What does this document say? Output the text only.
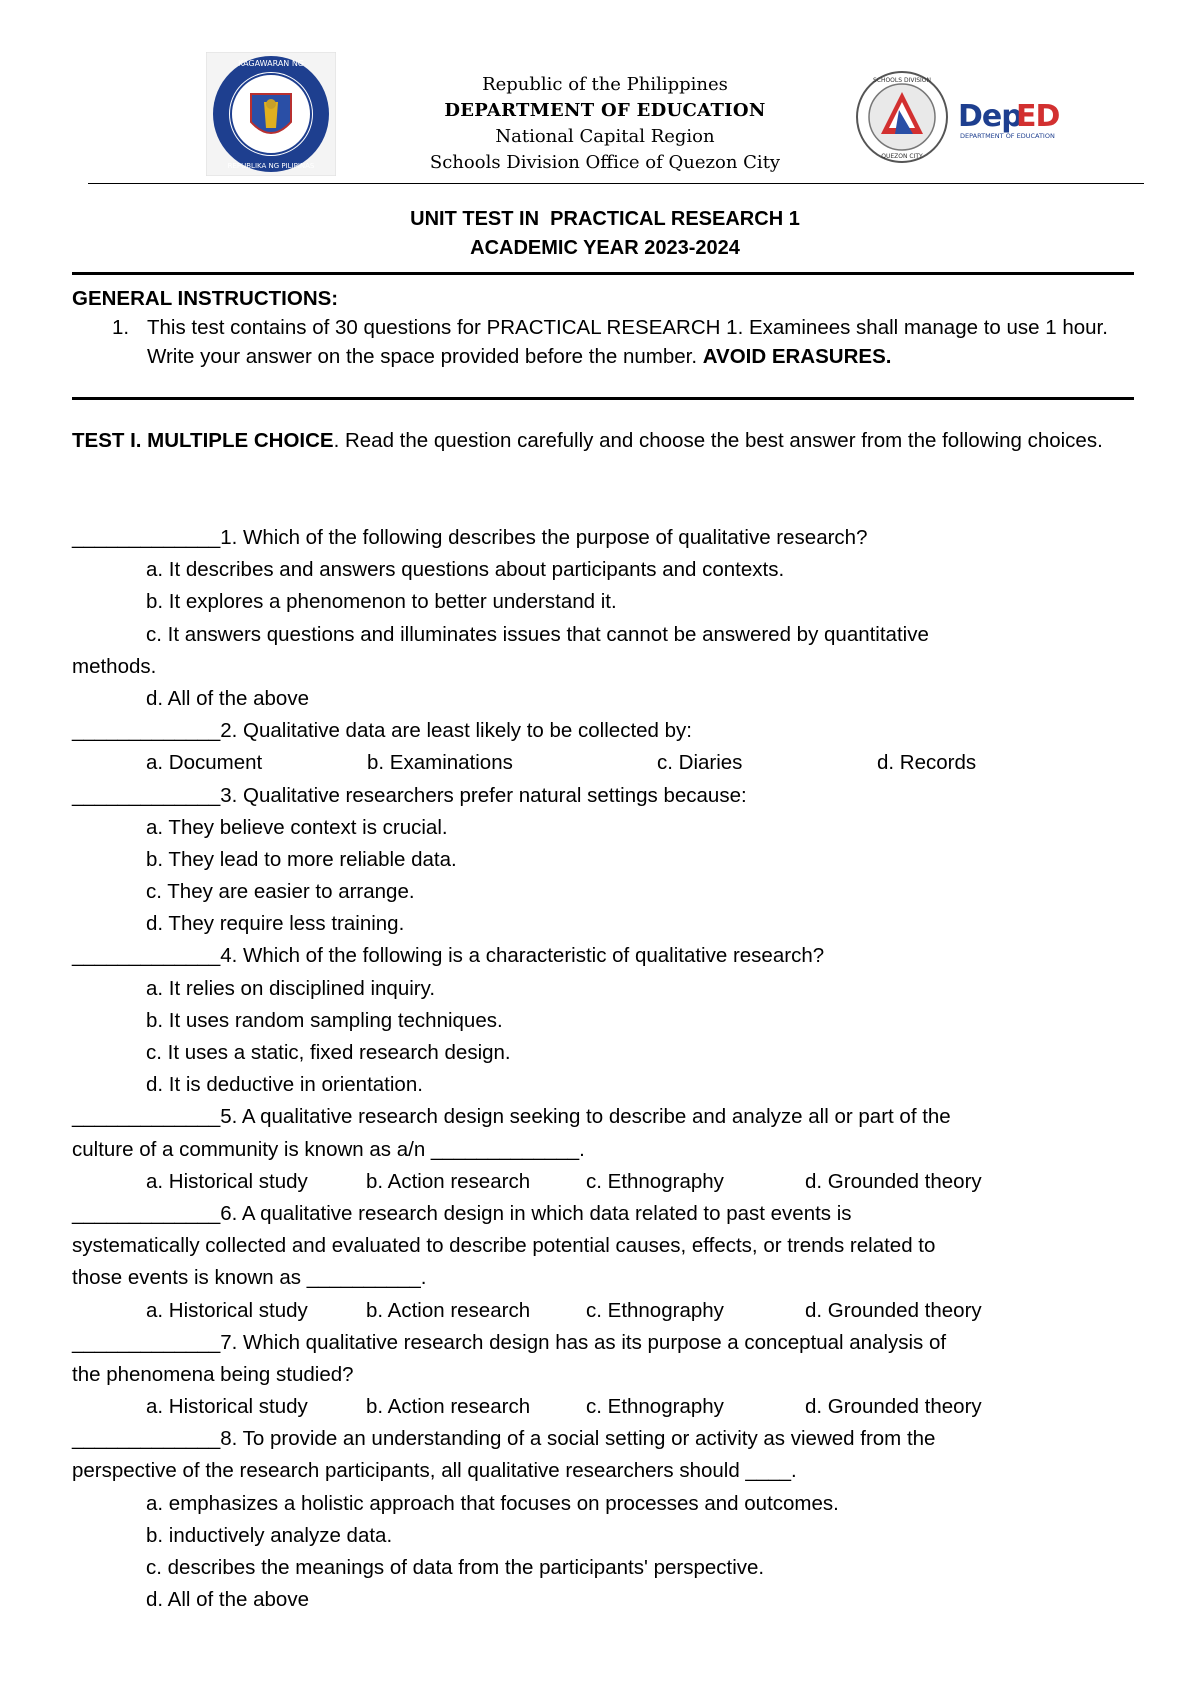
KAGAWARAN NG
REPUBLIKA NG PILIPINAS
Republic of the Philippines
DEPARTMENT OF EDUCATION
National Capital Region
Schools Division Office of Quezon City
SCHOOLS DIVISION
QUEZON CITY
Dep
ED
DEPARTMENT OF EDUCATION
UNIT TEST IN  PRACTICAL RESEARCH 1
ACADEMIC YEAR 2023-2024
GENERAL INSTRUCTIONS:
1. This test contains of 30 questions for PRACTICAL RESEARCH 1. Examinees shall manage to use 1 hour. Write your answer on the space provided before the number. AVOID ERASURES.
TEST I. MULTIPLE CHOICE. Read the question carefully and choose the best answer from the following choices.
_____________1. Which of the following describes the purpose of qualitative research?
a. It describes and answers questions about participants and contexts.
b. It explores a phenomenon to better understand it.
c. It answers questions and illuminates issues that cannot be answered by quantitative
methods.
d. All of the above
_____________2. Qualitative data are least likely to be collected by:
a. Document	b. Examinations	c. Diaries	d. Records
_____________3. Qualitative researchers prefer natural settings because:
a. They believe context is crucial.
b. They lead to more reliable data.
c. They are easier to arrange.
d. They require less training.
_____________4. Which of the following is a characteristic of qualitative research?
a. It relies on disciplined inquiry.
b. It uses random sampling techniques.
c. It uses a static, fixed research design.
d. It is deductive in orientation.
_____________5. A qualitative research design seeking to describe and analyze all or part of the
culture of a community is known as a/n _____________.
a. Historical study	b. Action research	c. Ethnography	d. Grounded theory
_____________6. A qualitative research design in which data related to past events is
systematically collected and evaluated to describe potential causes, effects, or trends related to
those events is known as __________.
a. Historical study	b. Action research	c. Ethnography	d. Grounded theory
_____________7. Which qualitative research design has as its purpose a conceptual analysis of
the phenomena being studied?
a. Historical study	b. Action research	c. Ethnography	d. Grounded theory
_____________8. To provide an understanding of a social setting or activity as viewed from the
perspective of the research participants, all qualitative researchers should ____.
a. emphasizes a holistic approach that focuses on processes and outcomes.
b. inductively analyze data.
c. describes the meanings of data from the participants' perspective.
d. All of the above
